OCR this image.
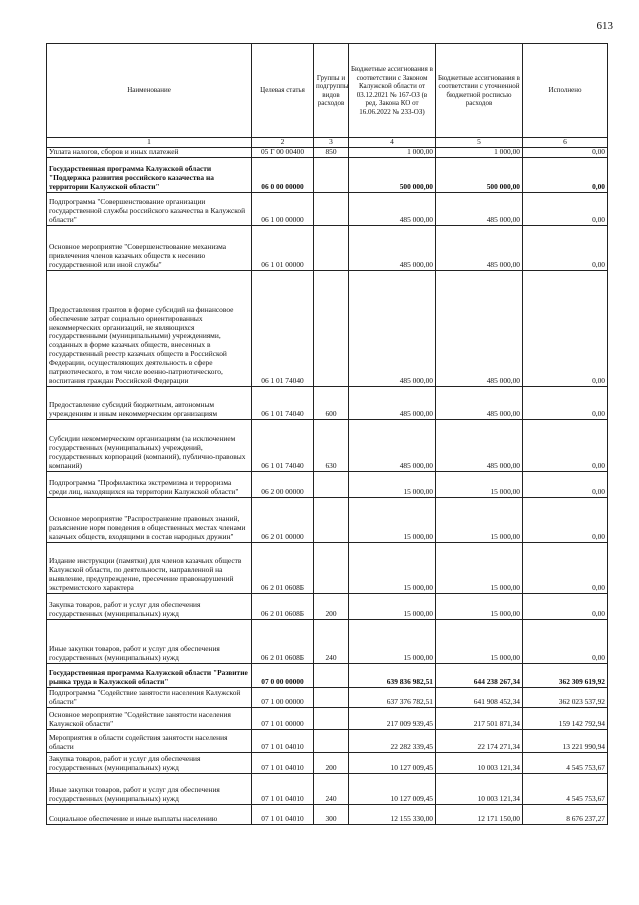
613
Наименование	Целевая статья	Группы и подгруппы видов расходов	Бюджетные ассигнования в соответствии с Законом Калужской области от 03.12.2021 № 167-ОЗ (в ред. Закона КО от 16.06.2022 № 233-ОЗ)	Бюджетные ассигнования в соответствии с уточненной бюджетной росписью расходов	Исполнено
1	2	3	4	5	6
Уплата налогов, сборов и иных платежей	05 Г 00 00400	850	1 000,00	1 000,00	0,00
Государственная программа Калужской области "Поддержка развития российского казачества на территории Калужской области"	06 0 00 00000		500 000,00	500 000,00	0,00
Подпрограмма "Совершенствование организации государственной службы российского казачества в Калужской области"	06 1 00 00000		485 000,00	485 000,00	0,00
Основное мероприятие "Совершенствование механизма привлечения членов казачьих обществ к несению государственной или иной службы"	06 1 01 00000		485 000,00	485 000,00	0,00
Предоставления грантов в форме субсидий на финансовое обеспечение затрат социально ориентированных некоммерческих организаций, не являющихся государственными (муниципальными) учреждениями, созданных в форме казачьих обществ, внесенных в государственный реестр казачьих обществ в Российской Федерации, осуществляющих деятельность в сфере патриотического, в том числе военно-патриотического, воспитания граждан Российской Федерации	06 1 01 74040		485 000,00	485 000,00	0,00
Предоставление субсидий бюджетным, автономным учреждениям и иным некоммерческим организациям	06 1 01 74040	600	485 000,00	485 000,00	0,00
Субсидии некоммерческим организациям (за исключением государственных (муниципальных) учреждений, государственных корпораций (компаний), публично-правовых компаний)	06 1 01 74040	630	485 000,00	485 000,00	0,00
Подпрограмма "Профилактика экстремизма и терроризма среди лиц, находящихся на территории Калужской области"	06 2 00 00000		15 000,00	15 000,00	0,00
Основное мероприятие "Распространение правовых знаний, разъяснение норм поведения в общественных местах членами казачьих обществ, входящими в состав народных дружин"	06 2 01 00000		15 000,00	15 000,00	0,00
Издание инструкции (памятки) для членов казачьих обществ Калужской области, по деятельности, направленной на выявление, предупреждение, пресечение правонарушений экстремистского характера	06 2 01 0608Б		15 000,00	15 000,00	0,00
Закупка товаров, работ и услуг для обеспечения государственных (муниципальных) нужд	06 2 01 0608Б	200	15 000,00	15 000,00	0,00
Иные закупки товаров, работ и услуг для обеспечения государственных (муниципальных) нужд	06 2 01 0608Б	240	15 000,00	15 000,00	0,00
Государственная программа Калужской области "Развитие рынка труда в Калужской области"	07 0 00 00000		639 836 982,51	644 238 267,34	362 309 619,92
Подпрограмма "Содействие занятости населения Калужской области"	07 1 00 00000		637 376 782,51	641 908 452,34	362 023 537,92
Основное мероприятие "Содействие занятости населения Калужской области"	07 1 01 00000		217 009 939,45	217 501 871,34	159 142 792,94
Мероприятия в области содействия занятости населения области	07 1 01 04010		22 282 339,45	22 174 271,34	13 221 990,94
Закупка товаров, работ и услуг для обеспечения государственных (муниципальных) нужд	07 1 01 04010	200	10 127 009,45	10 003 121,34	4 545 753,67
Иные закупки товаров, работ и услуг для обеспечения государственных (муниципальных) нужд	07 1 01 04010	240	10 127 009,45	10 003 121,34	4 545 753,67
Социальное обеспечение и иные выплаты населению	07 1 01 04010	300	12 155 330,00	12 171 150,00	8 676 237,27
